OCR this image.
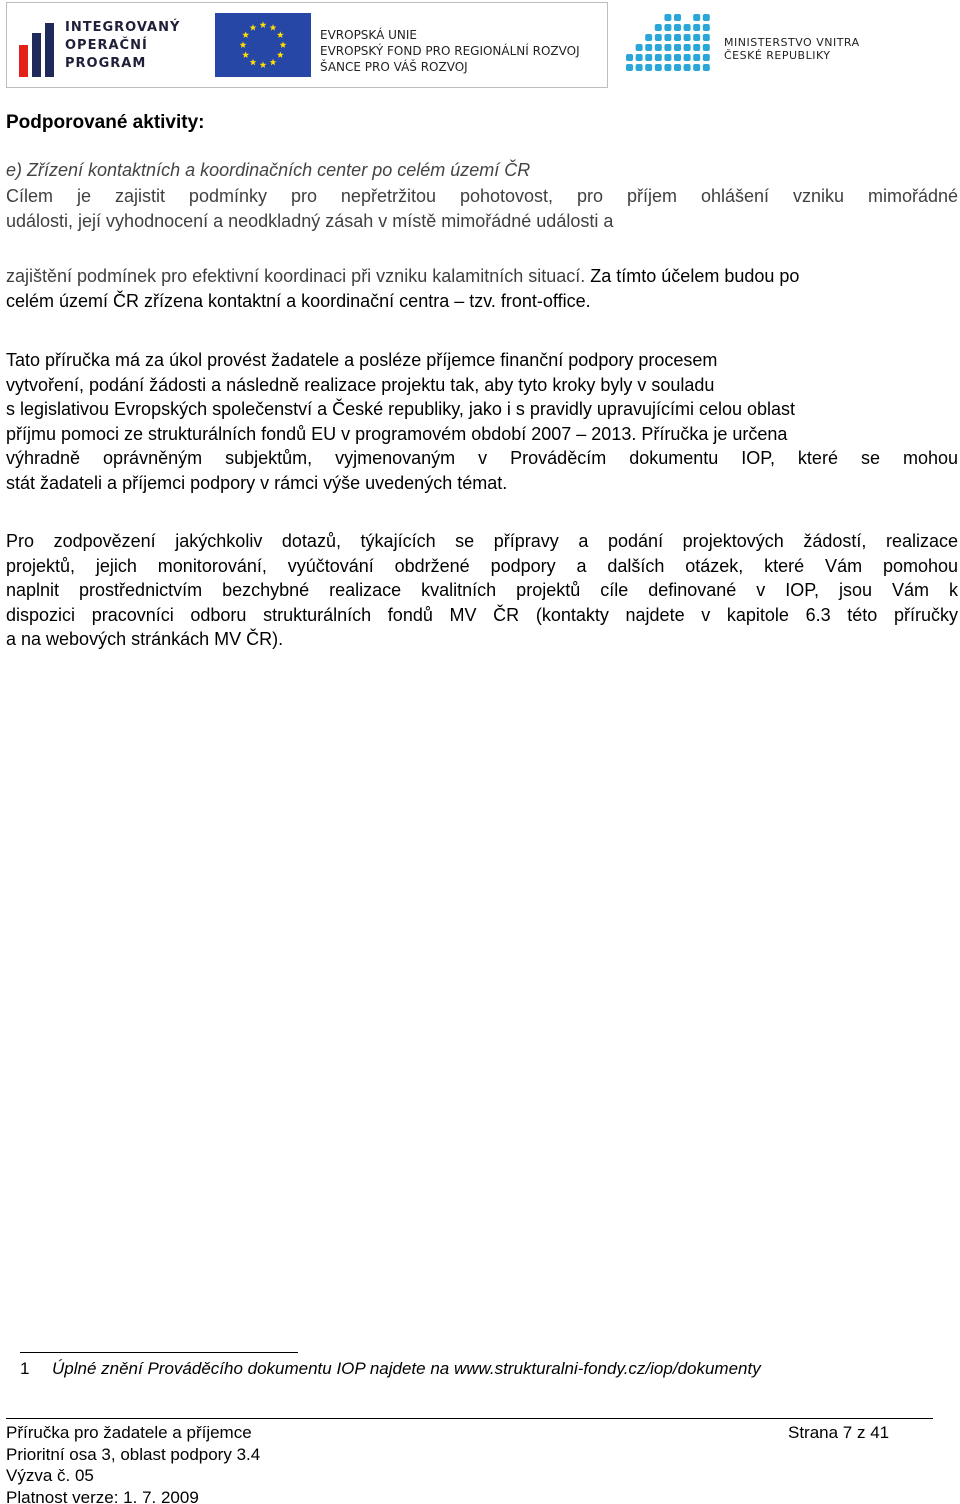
INTEGROVANÝ
OPERAČNÍ
PROGRAM
EVROPSKÁ UNIE
EVROPSKÝ FOND PRO REGIONÁLNÍ ROZVOJ
ŠANCE PRO VÁŠ ROZVOJ
MINISTERSTVO VNITRA
ČESKÉ REPUBLIKY
Podporované aktivity:
e) Zřízení kontaktních a koordinačních center po celém území ČR
Cílem je zajistit podmínky pro nepřetržitou pohotovost, pro příjem ohlášení vzniku mimořádné
události, její vyhodnocení a neodkladný zásah v místě mimořádné události a
zajištění podmínek pro efektivní koordinaci při vzniku kalamitních situací. Za tímto účelem budou po
celém území ČR zřízena kontaktní a koordinační centra – tzv. front-office.
Tato příručka má za úkol provést žadatele a posléze příjemce finanční podpory procesem
vytvoření, podání žádosti a následně realizace projektu tak, aby tyto kroky byly v souladu
s legislativou Evropských společenství a České republiky, jako i s pravidly upravujícími celou oblast
příjmu pomoci ze strukturálních fondů EU v programovém období 2007 – 2013. Příručka je určena
výhradně oprávněným subjektům, vyjmenovaným v Prováděcím dokumentu IOP, které se mohou
stát žadateli a příjemci podpory v rámci výše uvedených témat.
Pro zodpovězení jakýchkoliv dotazů, týkajících se přípravy a podání projektových žádostí, realizace
projektů, jejich monitorování, vyúčtování obdržené podpory a dalších otázek, které Vám pomohou
naplnit prostřednictvím bezchybné realizace kvalitních projektů cíle definované v IOP, jsou Vám k
dispozici pracovníci odboru strukturálních fondů MV ČR (kontakty najdete v kapitole 6.3 této příručky
a na webových stránkách MV ČR).
1 Úplné znění Prováděcího dokumentu IOP najdete na www.strukturalni-fondy.cz/iop/dokumenty
Příručka pro žadatele a příjemce
Prioritní osa 3, oblast podpory 3.4
Výzva č. 05
Platnost verze: 1. 7. 2009
Strana 7 z 41
